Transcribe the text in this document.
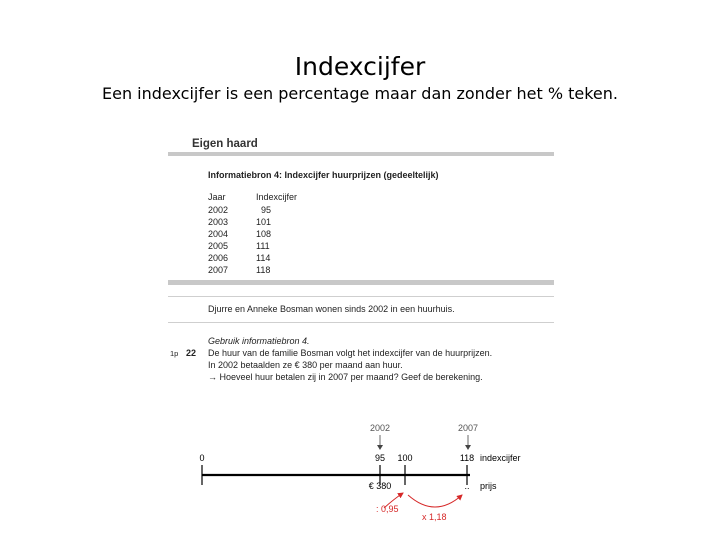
Indexcijfer
Een indexcijfer is een percentage maar dan zonder het % teken.
Eigen haard
Informatiebron 4: Indexcijfer huurprijzen (gedeeltelijk)
Jaar	Indexcijfer
2002	95
2003	101
2004	108
2005	111
2006	114
2007	118
Djurre en Anneke Bosman wonen sinds 2002 in een huurhuis.
Gebruik informatiebron 4.
1p 22 De huur van de familie Bosman volgt het indexcijfer van de huurprijzen.
In 2002 betaalden ze € 380 per maand aan huur.
→ Hoeveel huur betalen zij in 2007 per maand? Geef de berekening.
2002	2007
0	95 100	118 indexcijfer
€ 380	.. prijs
: 0,95
x 1,18
